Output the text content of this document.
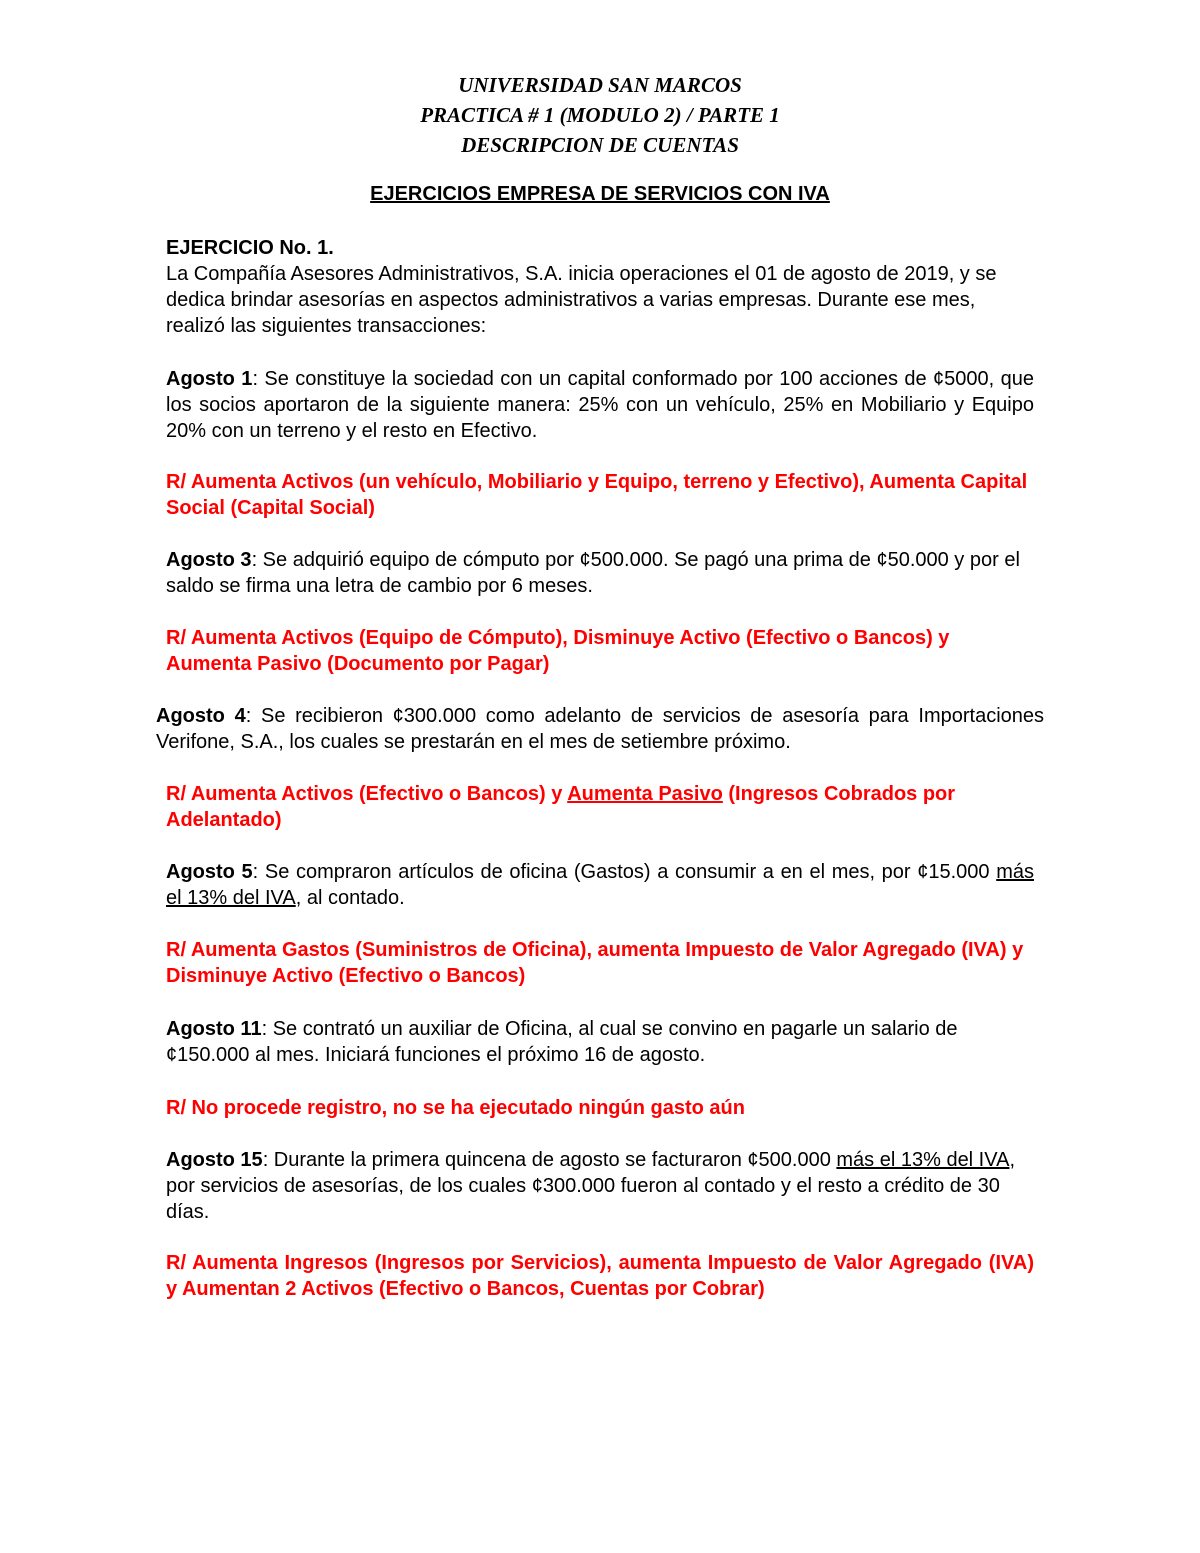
UNIVERSIDAD SAN MARCOS
PRACTICA # 1 (MODULO 2) / PARTE 1
DESCRIPCION DE CUENTAS
EJERCICIOS EMPRESA DE SERVICIOS CON IVA
EJERCICIO No. 1.
La Compañía Asesores Administrativos, S.A. inicia operaciones el 01 de agosto de 2019, y se dedica brindar asesorías en aspectos administrativos a varias empresas. Durante ese mes, realizó las siguientes transacciones:
Agosto 1: Se constituye la sociedad con un capital conformado por 100 acciones de ¢5000, que los socios aportaron de la siguiente manera: 25% con un vehículo, 25% en Mobiliario y Equipo 20% con un terreno y el resto en Efectivo.
R/ Aumenta Activos (un vehículo, Mobiliario y Equipo, terreno y Efectivo), Aumenta Capital Social (Capital Social)
Agosto 3: Se adquirió equipo de cómputo por ¢500.000. Se pagó una prima de ¢50.000 y por el saldo se firma una letra de cambio por 6 meses.
R/ Aumenta Activos (Equipo de Cómputo), Disminuye Activo (Efectivo o Bancos) y Aumenta Pasivo (Documento por Pagar)
Agosto 4: Se recibieron ¢300.000 como adelanto de servicios de asesoría para Importaciones Verifone, S.A., los cuales se prestarán en el mes de setiembre próximo.
R/ Aumenta Activos (Efectivo o Bancos) y Aumenta Pasivo (Ingresos Cobrados por Adelantado)
Agosto 5: Se compraron artículos de oficina (Gastos) a consumir a en el mes, por ¢15.000 más el 13% del IVA, al contado.
R/ Aumenta Gastos (Suministros de Oficina), aumenta Impuesto de Valor Agregado (IVA) y Disminuye Activo (Efectivo o Bancos)
Agosto 11: Se contrató un auxiliar de Oficina, al cual se convino en pagarle un salario de ¢150.000 al mes. Iniciará funciones el próximo 16 de agosto.
R/ No procede registro, no se ha ejecutado ningún gasto aún
Agosto 15: Durante la primera quincena de agosto se facturaron ¢500.000 más el 13% del IVA, por servicios de asesorías, de los cuales ¢300.000 fueron al contado y el resto a crédito de 30 días.
R/ Aumenta Ingresos (Ingresos por Servicios), aumenta Impuesto de Valor Agregado (IVA) y Aumentan 2 Activos (Efectivo o Bancos, Cuentas por Cobrar)
